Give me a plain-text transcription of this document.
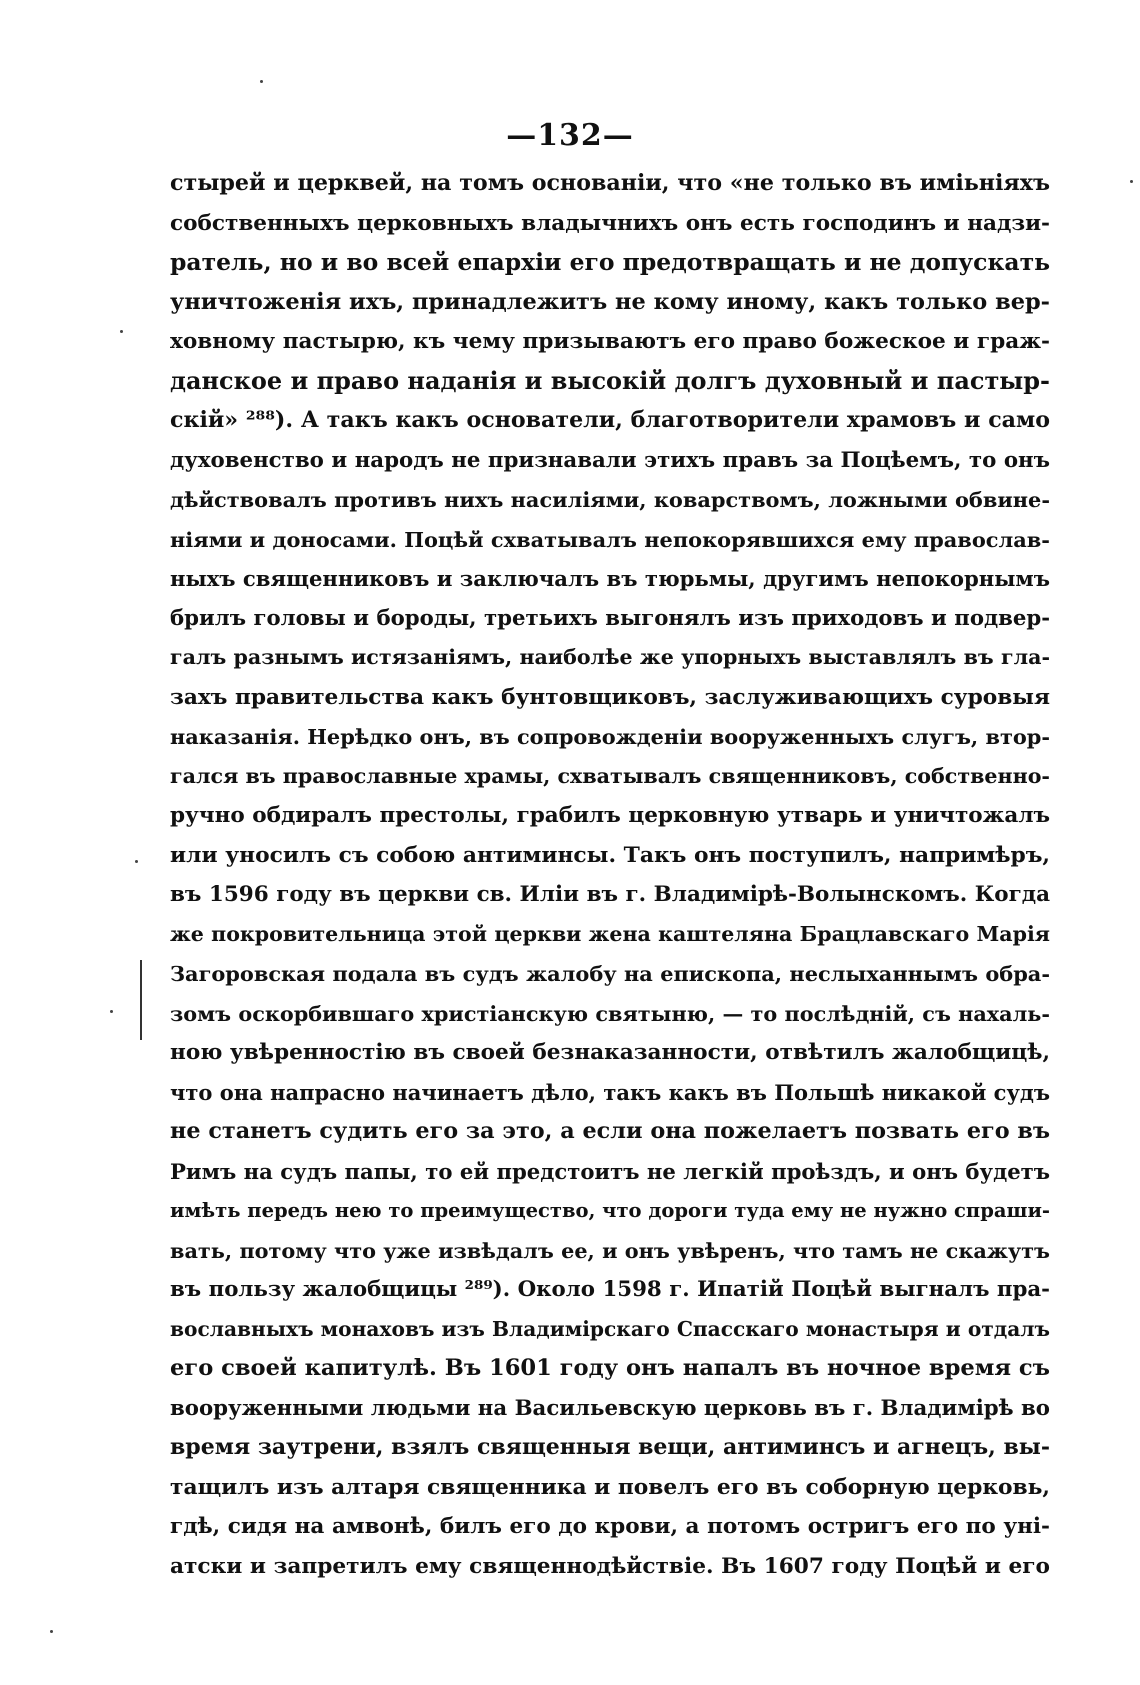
—132—
стырей и церквей, на томъ основаніи, что «не только въ иміьніяхъ
собственныхъ церковныхъ владычнихъ онъ есть господинъ и надзи-
ратель, но и во всей епархіи его предотвращать и не допускать
уничтоженія ихъ, принадлежитъ не кому иному, какъ только вер-
ховному пастырю, къ чему призываютъ его право божеское и граж-
данское и право наданія и высокій долгъ духовный и пастыр-
скій» ²⁸⁸). А такъ какъ основатели, благотворители храмовъ и само
духовенство и народъ не признавали этихъ правъ за Поцѣемъ, то онъ
дѣйствовалъ противъ нихъ насиліями, коварствомъ, ложными обвине-
ніями и доносами. Поцѣй схватывалъ непокорявшихся ему православ-
ныхъ священниковъ и заключалъ въ тюрьмы, другимъ непокорнымъ
брилъ головы и бороды, третьихъ выгонялъ изъ приходовъ и подвер-
галъ разнымъ истязаніямъ, наиболѣе же упорныхъ выставлялъ въ гла-
захъ правительства какъ бунтовщиковъ, заслуживающихъ суровыя
наказанія. Нерѣдко онъ, въ сопровожденіи вооруженныхъ слугъ, втор-
гался въ православные храмы, схватывалъ священниковъ, собственно-
ручно обдиралъ престолы, грабилъ церковную утварь и уничтожалъ
или уносилъ съ собою антиминсы. Такъ онъ поступилъ, напримѣръ,
въ 1596 году въ церкви св. Иліи въ г. Владимірѣ-Волынскомъ. Когда
же покровительница этой церкви жена каштеляна Брацлавскаго Марія
Загоровская подала въ судъ жалобу на епископа, неслыханнымъ обра-
зомъ оскорбившаго христіанскую святыню, — то послѣдній, съ нахаль-
ною увѣренностію въ своей безнаказанности, отвѣтилъ жалобщицѣ,
что она напрасно начинаетъ дѣло, такъ какъ въ Польшѣ никакой судъ
не станетъ судить его за это, а если она пожелаетъ позвать его въ
Римъ на судъ папы, то ей предстоитъ не легкій проѣздъ, и онъ будетъ
имѣть передъ нею то преимущество, что дороги туда ему не нужно спраши-
вать, потому что уже извѣдалъ ее, и онъ увѣренъ, что тамъ не скажутъ
въ пользу жалобщицы ²⁸⁹). Около 1598 г. Ипатій Поцѣй выгналъ пра-
вославныхъ монаховъ изъ Владимірскаго Спасскаго монастыря и отдалъ
его своей капитулѣ. Въ 1601 году онъ напалъ въ ночное время съ
вооруженными людьми на Васильевскую церковь въ г. Владимірѣ во
время заутрени, взялъ священныя вещи, антиминсъ и агнецъ, вы-
тащилъ изъ алтаря священника и повелъ его въ соборную церковь,
гдѣ, сидя на амвонѣ, билъ его до крови, а потомъ остригъ его по уні-
атски и запретилъ ему священнодѣйствіе. Въ 1607 году Поцѣй и его
